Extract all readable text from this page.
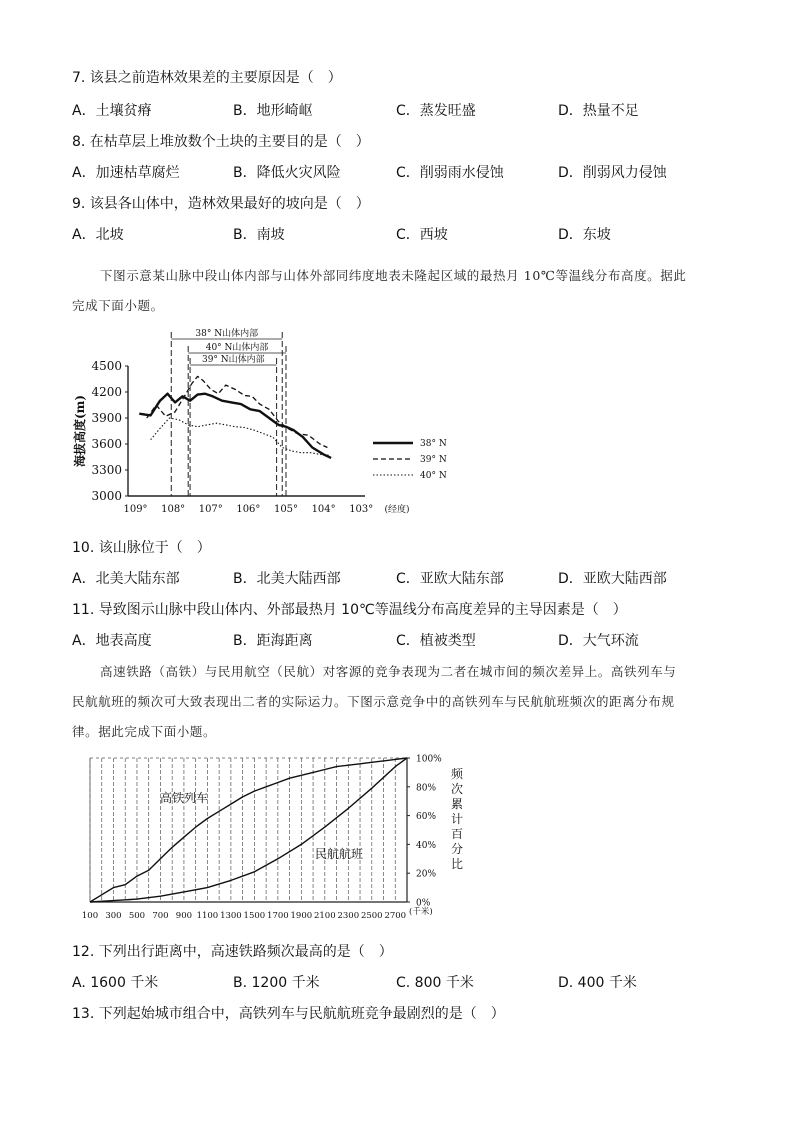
7. 该县之前造林效果差的主要原因是（　）
A．土壤贫瘠	B．地形崎岖	C．蒸发旺盛	D．热量不足
8. 在枯草层上堆放数个土块的主要目的是（　）
A．加速枯草腐烂	B．降低火灾风险	C．削弱雨水侵蚀	D．削弱风力侵蚀
9. 该县各山体中，造林效果最好的坡向是（　）
A．北坡	B．南坡	C．西坡	D．东坡
下图示意某山脉中段山体内部与山体外部同纬度地表未隆起区域的最热月 10℃等温线分布高度。据此
完成下面小题。
3000
3300
3600
3900
4200
4500
109° 108° 107° 106° 105° 104° 103° (经度)
海拔高度(m)
38° N山体内部
40° N山体内部
39° N山体内部
38° N
39° N
40° N
10. 该山脉位于（　）
A．北美大陆东部	B．北美大陆西部	C．亚欧大陆东部	D．亚欧大陆西部
11. 导致图示山脉中段山体内、外部最热月 10℃等温线分布高度差异的主导因素是（　）
A．地表高度	B．距海距离	C．植被类型	D．大气环流
高速铁路（高铁）与民用航空（民航）对客源的竞争表现为二者在城市间的频次差异上。高铁列车与
民航航班的频次可大致表现出二者的实际运力。下图示意竞争中的高铁列车与民航航班频次的距离分布规
律。据此完成下面小题。
0%
20%
40%
60%
80%
100%
100 300 500 700 900 1100 1300 1500 1700 1900 2100 2300 2500 2700 (千米)
频次累计百分比
高铁列车
民航航班
12. 下列出行距离中，高速铁路频次最高的是（　）
A. 1600 千米	B. 1200 千米	C. 800 千米	D. 400 千米
13. 下列起始城市组合中，高铁列车与民航航班竞争最剧烈的是（　）
